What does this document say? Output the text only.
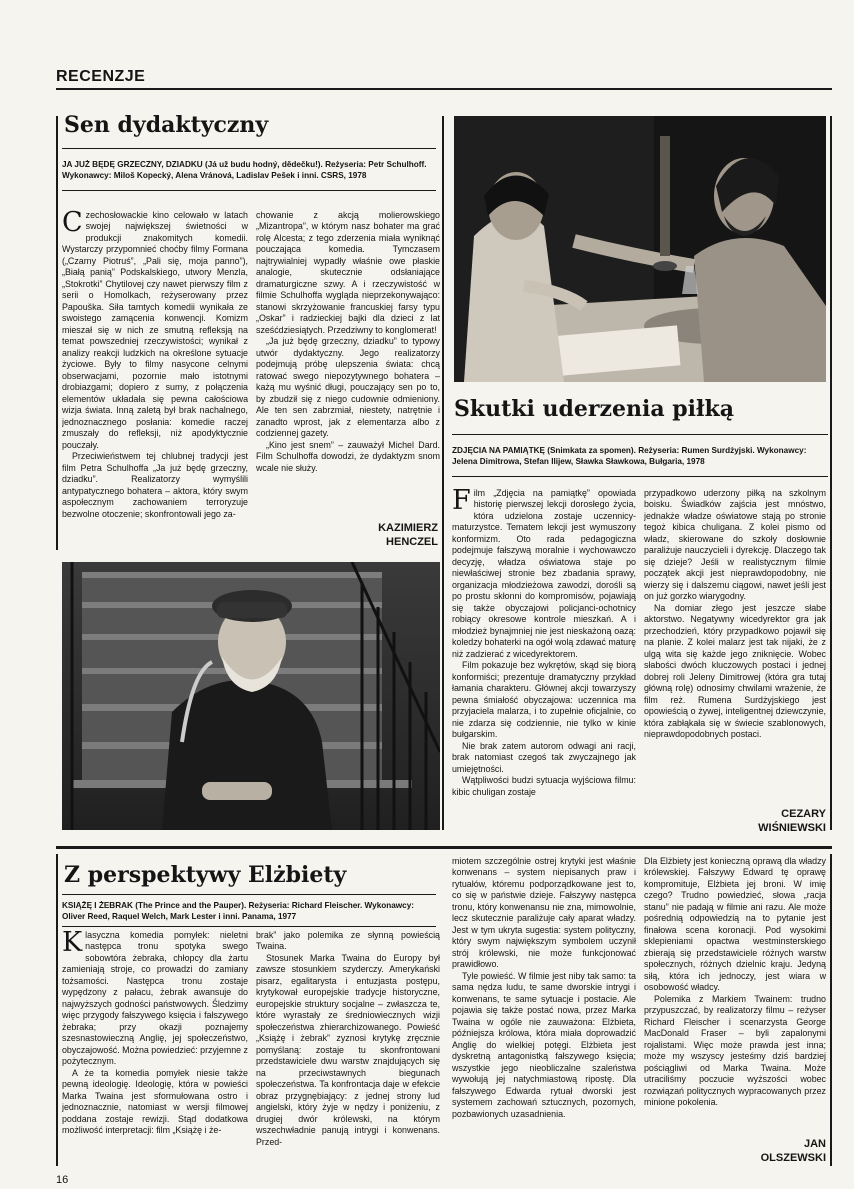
RECENZJE
Sen dydaktyczny
JA JUŻ BĘDĘ GRZECZNY, DZIADKU (Já už budu hodný, dědečku!). Reżyseria: Petr Schulhoff. Wykonawcy: Miloš Kopecký, Alena Vránová, Ladislav Pešek i inni. CSRS, 1978

Czechosłowackie kino celowało w latach swojej największej świetności w produkcji znakomitych komedii. Wystarczy przypomnieć choćby filmy Formana („Czarny Piotruś”, „Pali się, moja panno”), „Białą panią” Podskalskiego, utwory Menzla, „Stokrotki” Chytilovej czy nawet pierwszy film z serii o Homolkach, reżyserowany przez Papouška. Siła tamtych komedii wynikała ze swoistego zamącenia konwencji. Komizm mieszał się w nich ze smutną refleksją na temat powszedniej rzeczywistości; wynikał z analizy reakcji ludzkich na określone sytuacje życiowe. Były to filmy nasycone celnymi obserwacjami, pozornie mało istotnymi drobiazgami; dopiero z sumy, z połączenia elementów układała się pewna całościowa wizja świata. Inną zaletą był brak nachalnego, jednoznacznego posłania: komedie raczej zmuszały do refleksji, niż apodyktycznie pouczały.

Przeciwieństwem tej chlubnej tradycji jest film Petra Schulhoffa „Ja już będę grzeczny, dziadku”. Realizatorzy wymyślili antypatycznego bohatera – aktora, który swym aspołecznym zachowaniem terroryzuje bezwolne otoczenie; skonfrontowali jego za-

chowanie z akcją molierowskiego „Mizantropa”, w którym nasz bohater ma grać rolę Alcesta; z tego zderzenia miała wyniknąć pouczająca komedia. Tymczasem najtrywialniej wypadły właśnie owe płaskie analogie, skutecznie odsłaniające dramaturgiczne szwy. A i rzeczywistość w filmie Schulhoffa wygląda nieprzekonywająco: stanowi skrzyżowanie francuskiej farsy typu „Oskar” i radzieckiej bajki dla dzieci z lat sześćdziesiątych. Przedziwny to konglomerat!

„Ja już będę grzeczny, dziadku” to typowy utwór dydaktyczny. Jego realizatorzy podejmują próbę ulepszenia świata: chcą ratować swego niepozytywnego bohatera – każą mu wyśnić długi, pouczający sen po to, by zbudził się z niego cudownie odmieniony. Ale ten sen zabrzmiał, niestety, natrętnie i zanadto wprost, jak z elementarza albo z codziennej gazety.

„Kino jest snem” – zauważył Michel Dard. Film Schulhoffa dowodzi, że dydaktyzm snom wcale nie służy.

KAZIMIERZ
HENCZEL
Skutki uderzenia piłką
ZDJĘCIA NA PAMIĄTKĘ (Snimkata za spomen). Reżyseria: Rumen Surdżyjski. Wykonawcy: Jelena Dimitrowa, Stefan Ilijew, Sławka Sławkowa, Bułgaria, 1978

Film „Zdjęcia na pamiątkę” opowiada historię pierwszej lekcji dorosłego życia, która udzielona zostaje uczennicy-maturzystce. Tematem lekcji jest wymuszony konformizm. Oto rada pedagogiczna podejmuje fałszywą moralnie i wychowawczo decyzję, władza oświatowa staje po niewłaściwej stronie bez zbadania sprawy, organizacja młodzieżowa zawodzi, dorośli są po prostu skłonni do kompromisów, pojawiają się także obyczajowi policjanci-ochotnicy robiący okresowe kontrole mieszkań. A i młodzież bynajmniej nie jest nieskażoną oazą: koledzy bohaterki na ogół wolą zdawać maturę niż zadzierać z wicedyrektorem.

Film pokazuje bez wykrętów, skąd się biorą konformiści; prezentuje dramatyczny przykład łamania charakteru. Głównej akcji towarzyszy pewna śmiałość obyczajowa: uczennica ma przyjaciela malarza, i to zupełnie oficjalnie, co nie zdarza się codziennie, nie tylko w kinie bułgarskim.

Nie brak zatem autorom odwagi ani racji, brak natomiast czegoś tak zwyczajnego jak umiejętności.

Wątpliwości budzi sytuacja wyjściowa filmu: kibic chuligan zostaje

przypadkowo uderzony piłką na szkolnym boisku. Świadków zajścia jest mnóstwo, jednakże władze oświatowe stają po stronie tegoż kibica chuligana. Z kolei pismo od władz, skierowane do szkoły dosłownie paraliżuje nauczycieli i dyrekcję. Dlaczego tak się dzieje? Jeśli w realistycznym filmie początek akcji jest nieprawdopodobny, nie wierzy się i dalszemu ciągowi, nawet jeśli jest on już gorzko wiarygodny.

Na domiar złego jest jeszcze słabe aktorstwo. Negatywny wicedyrektor gra jak przechodzień, który przypadkowo pojawił się na planie. Z kolei malarz jest tak nijaki, że z ulgą wita się każde jego zniknięcie. Wobec słabości dwóch kluczowych postaci i jednej dobrej roli Jeleny Dimitrowej (która gra tutaj główną rolę) odnosimy chwilami wrażenie, że film reż. Rumena Surdżyjskiego jest opowieścią o żywej, inteligentnej dziewczynie, która zabłąkała się w świecie szablonowych, nieprawdopodobnych postaci.

CEZARY
WIŚNIEWSKI
Z perspektywy Elżbiety
KSIĄŻĘ I ŻEBRAK (The Prince and the Pauper). Reżyseria: Richard Fleischer. Wykonawcy: Oliver Reed, Raquel Welch, Mark Lester i inni. Panama, 1977

Klasyczna komedia pomyłek: nieletni następca tronu spotyka swego sobowtóra żebraka, chłopcy dla żartu zamieniają stroje, co prowadzi do zamiany tożsamości. Następca tronu zostaje wypędzony z pałacu, żebrak awansuje do najwyższych godności państwowych. Śledzimy więc przygody fałszywego księcia i fałszywego żebraka; przy okazji poznajemy szesnastowieczną Anglię, jej społeczeństwo, obyczajowość. Można powiedzieć: przyjemne z pożytecznym.

A że ta komedia pomyłek niesie także pewną ideologię. Ideologię, która w powieści Marka Twaina jest sformułowana ostro i jednoznacznie, natomiast w wersji filmowej poddana zostaje rewizji. Stąd dodatkowa możliwość interpretacji: film „Książę i że-

brak” jako polemika ze słynną powieścią Twaina.

Stosunek Marka Twaina do Europy był zawsze stosunkiem szyderczy. Amerykański pisarz, egalitarysta i entuzjasta postępu, krytykował europejskie tradycje historyczne, europejskie struktury socjalne – zwłaszcza te, które wyrastały ze średniowiecznych wizji społeczeństwa zhierarchizowanego. Powieść „Książę i żebrak” zyznosi krytykę zręcznie pomyślaną: zostaje tu skonfrontowani przedstawiciele dwu warstw znajdujących się na przeciwstawnych biegunach społeczeństwa. Ta konfrontacja daje w efekcie obraz przygnębiający: z jednej strony lud angielski, który żyje w nędzy i poniżeniu, z drugiej dwór królewski, na którym wszechwładnie panują intrygi i konwenans. Przed-

miotem szczególnie ostrej krytyki jest właśnie konwenans – system niepisanych praw i rytuałów, któremu podporządkowane jest to, co się w państwie dzieje. Fałszywy następca tronu, który konwenansu nie zna, mimowolnie, lecz skutecznie paraliżuje cały aparat władzy. Jest w tym ukryta sugestia: system polityczny, który swym największym symbolem uczynił strój królewski, nie może funkcjonować prawidłowo.

Tyle powieść. W filmie jest niby tak samo: ta sama nędza ludu, te same dworskie intrygi i konwenans, te same sytuacje i postacie. Ale pojawia się także postać nowa, przez Marka Twaina w ogóle nie zauważona: Elżbieta, późniejsza królowa, która miała doprowadzić Anglię do wielkiej potęgi. Elżbieta jest dyskretną antagonistką fałszywego księcia; wszystkie jego nieobliczalne szaleństwa wywołują jej natychmiastową ripostę. Dla fałszywego Edwarda rytuał dworski jest systemem zachowań sztucznych, pozornych, pozbawionych uzasadnienia.

Dla Elżbiety jest konieczną oprawą dla władzy królewskiej. Fałszywy Edward tę oprawę kompromituje, Elżbieta jej broni. W imię czego? Trudno powiedzieć, słowa „racja stanu” nie padają w filmie ani razu. Ale może pośrednią odpowiedzią na to pytanie jest finałowa scena koronacji. Pod wysokimi sklepieniami opactwa westminsterskiego zbierają się przedstawiciele różnych warstw społecznych, różnych dzielnic kraju. Jedyną siłą, która ich jednoczy, jest wiara w osobowość władcy.

Polemika z Markiem Twainem: trudno przypuszczać, by realizatorzy filmu – reżyser Richard Fleischer i scenarzysta George MacDonald Fraser – byli zapalonymi rojalistami. Więc może prawda jest inna; może my wszyscy jesteśmy dziś bardziej pościągliwi od Marka Twaina. Może utraciliśmy poczucie wyższości wobec rozwiązań politycznych wypracowanych przez minione pokolenia.

JAN
OLSZEWSKI
16
